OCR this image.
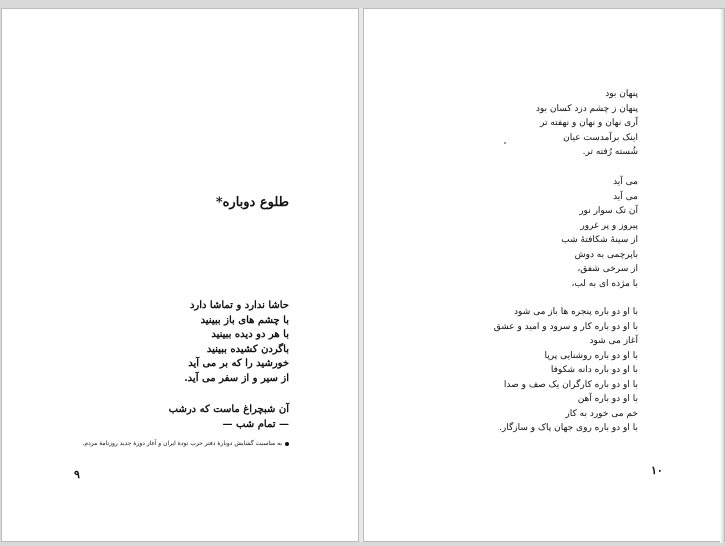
طلوع دوباره*
حاشا ندارد و تماشا دارد
با چشم های باز ببینید
با هر دو دیده ببینید
باگردن کشیده ببینید
خورشید را که بر می آید
از سیر و از سفر می آید.
آن شبچراغ ماست که درشب
— تمام شب —
به مناسبت گشایش دوبارهٔ دفتر حزب تودهٔ ایران و آغاز دورهٔ جدید روزنامهٔ مردم.
۹
پنهان بود
پنهان ز چشم دزد کسان بود
آری نهان و نهان و نهفته تر
اینک برآمدست عیان
شُسته رُفته تر.
می آید
می آید
آن تک سوار نور
پیروز و پر غرور
از سینهٔ شکافتهٔ شب
باپرچمی به دوش
از سرخی شفق،
با مژده ای به لب،
با او دو باره پنجره ها باز می شود
با او دو باره کار و سرود و امید و عشق
آغاز می شود
با او دو باره روشنایی پرپا
با او دو باره دانه شکوفا
با او دو باره کارگران یک صف و صدا
با او دو باره آهن
خم می خورد به کار
با او دو باره روی جهان پاک و سازگار.
۱۰
